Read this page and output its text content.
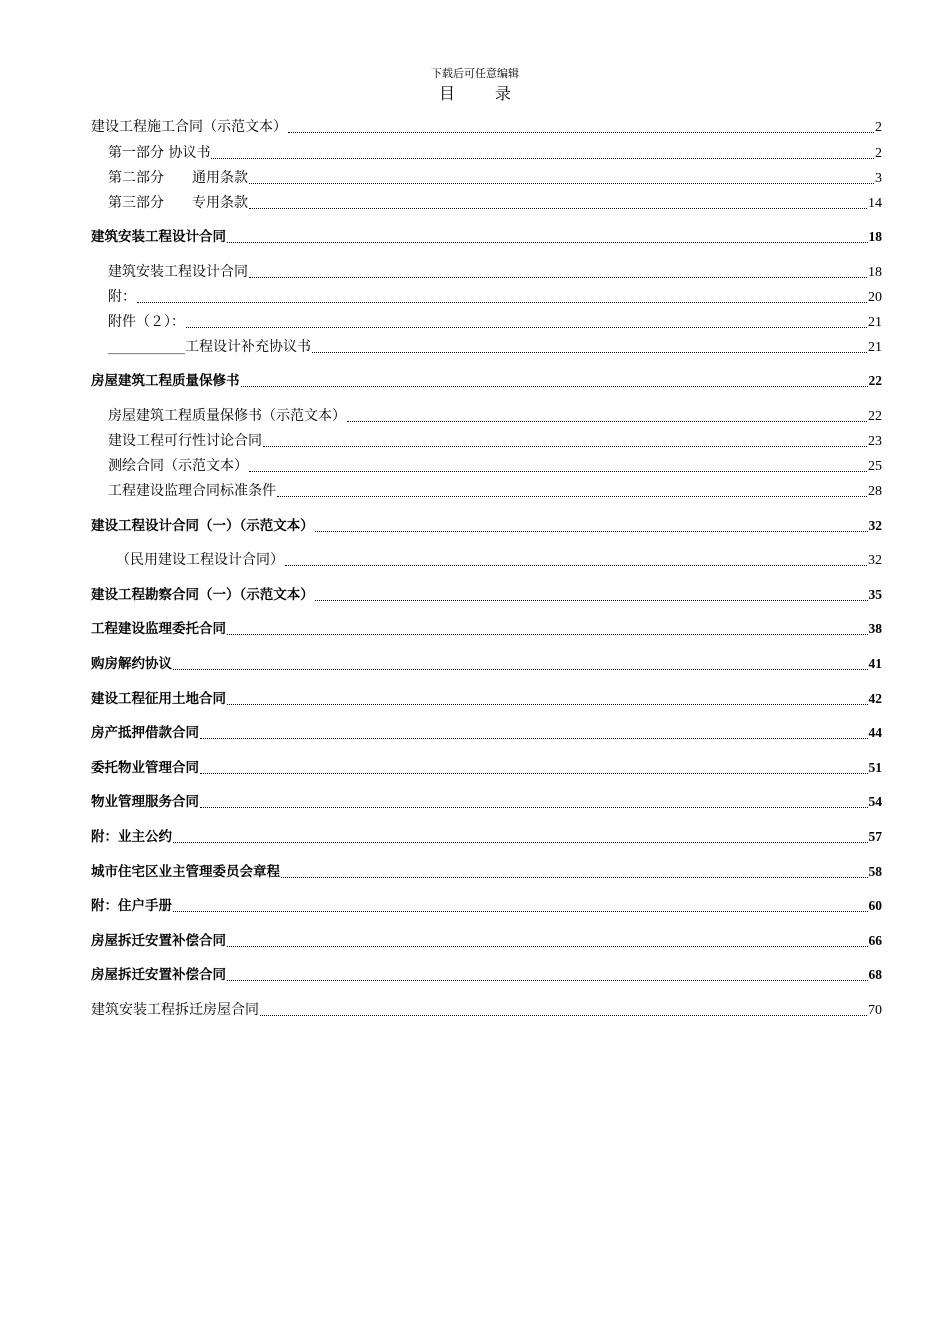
下载后可任意编辑
目	录
建设工程施工合同（示范文本）	2
第一部分 协议书	2
第二部分　　通用条款	3
第三部分　　专用条款	14
建筑安装工程设计合同	18
建筑安装工程设计合同	18
附：	20
附件（２）：	21
___________工程设计补充协议书	21
房屋建筑工程质量保修书	22
房屋建筑工程质量保修书（示范文本）	22
建设工程可行性讨论合同	23
测绘合同（示范文本）	25
工程建设监理合同标准条件	28
建设工程设计合同（一）（示范文本）	32
（民用建设工程设计合同）	32
建设工程勘察合同（一）（示范文本）	35
工程建设监理委托合同	38
购房解约协议	41
建设工程征用土地合同	42
房产抵押借款合同	44
委托物业管理合同	51
物业管理服务合同	54
附：业主公约	57
城市住宅区业主管理委员会章程	58
附：住户手册	60
房屋拆迁安置补偿合同	66
房屋拆迁安置补偿合同	68
建筑安装工程拆迁房屋合同	70
